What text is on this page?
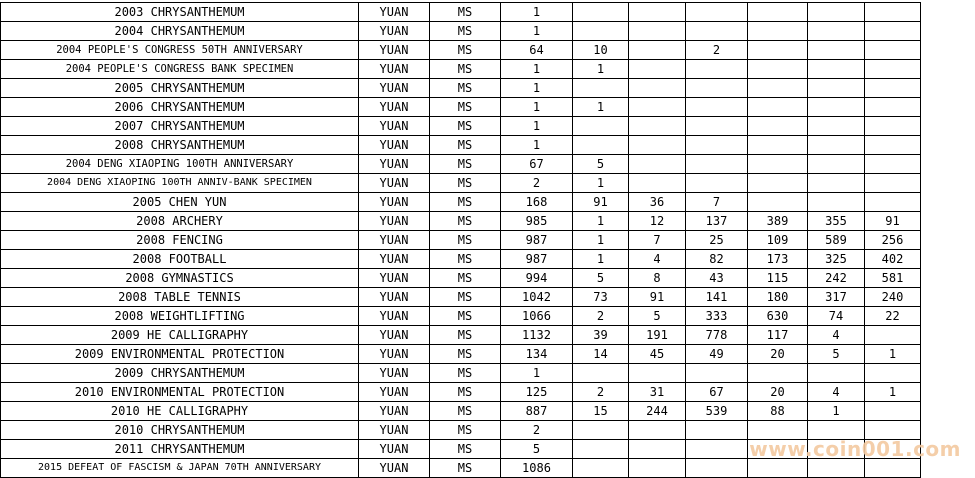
2003 CHRYSANTHEMUM	YUAN	MS	1						
2004 CHRYSANTHEMUM	YUAN	MS	1						
2004 PEOPLE'S CONGRESS 50TH ANNIVERSARY	YUAN	MS	64	10		2			
2004 PEOPLE'S CONGRESS BANK SPECIMEN	YUAN	MS	1	1					
2005 CHRYSANTHEMUM	YUAN	MS	1						
2006 CHRYSANTHEMUM	YUAN	MS	1	1					
2007 CHRYSANTHEMUM	YUAN	MS	1						
2008 CHRYSANTHEMUM	YUAN	MS	1						
2004 DENG XIAOPING 100TH ANNIVERSARY	YUAN	MS	67	5					
2004 DENG XIAOPING 100TH ANNIV-BANK SPECIMEN	YUAN	MS	2	1					
2005 CHEN YUN	YUAN	MS	168	91	36	7			
2008 ARCHERY	YUAN	MS	985	1	12	137	389	355	91
2008 FENCING	YUAN	MS	987	1	7	25	109	589	256
2008 FOOTBALL	YUAN	MS	987	1	4	82	173	325	402
2008 GYMNASTICS	YUAN	MS	994	5	8	43	115	242	581
2008 TABLE TENNIS	YUAN	MS	1042	73	91	141	180	317	240
2008 WEIGHTLIFTING	YUAN	MS	1066	2	5	333	630	74	22
2009 HE CALLIGRAPHY	YUAN	MS	1132	39	191	778	117	4	
2009 ENVIRONMENTAL PROTECTION	YUAN	MS	134	14	45	49	20	5	1
2009 CHRYSANTHEMUM	YUAN	MS	1						
2010 ENVIRONMENTAL PROTECTION	YUAN	MS	125	2	31	67	20	4	1
2010 HE CALLIGRAPHY	YUAN	MS	887	15	244	539	88	1	
2010 CHRYSANTHEMUM	YUAN	MS	2						
2011 CHRYSANTHEMUM	YUAN	MS	5						
2015 DEFEAT OF FASCISM & JAPAN 70TH ANNIVERSARY	YUAN	MS	1086						
www.coin001.com
